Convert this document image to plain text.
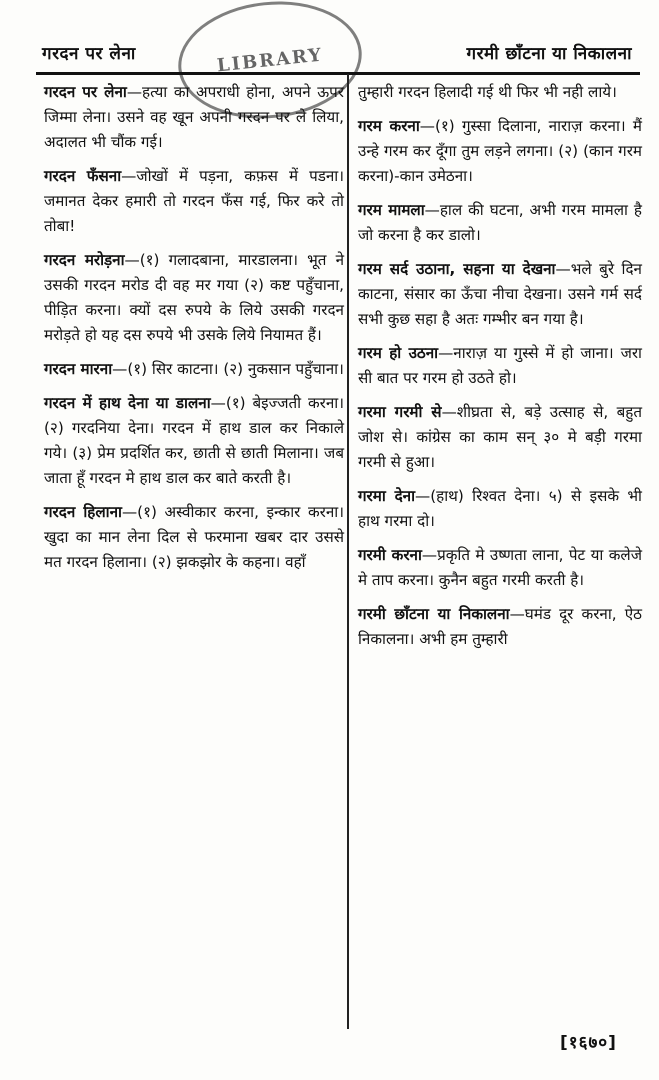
LIBRARY
गरदन पर लेना	गरमी छाँटना या निकालना

गरदन पर लेना—हत्या का अपराधी होना, अपने ऊपर जिम्मा लेना। उसने वह खून अपनी गरदन पर ले लिया, अदालत भी चौंक गई।

गरदन फँसना—जोखों में पड़ना, कफ़स में पडना। जमानत देकर हमारी तो गरदन फँस गई, फिर करे तो तोबा!

गरदन मरोड़ना—(१) गलादबाना, मारडालना। भूत ने उसकी गरदन मरोड दी वह मर गया (२) कष्ट पहुँचाना, पीड़ित करना। क्यों दस रुपये के लिये उसकी गरदन मरोड़ते हो यह दस रुपये भी उसके लिये नियामत हैं।

गरदन मारना—(१) सिर काटना। (२) नुकसान पहुँचाना।

गरदन में हाथ देना या डालना—(१) बेइज्जती करना। (२) गरदनिया देना। गरदन में हाथ डाल कर निकाले गये। (३) प्रेम प्रदर्शित कर, छाती से छाती मिलाना। जब जाता हूँ गरदन मे हाथ डाल कर बाते करती है।

गरदन हिलाना—(१) अस्वीकार करना, इन्कार करना। खुदा का मान लेना दिल से फरमाना खबर दार उससे मत गरदन हिलाना। (२) झकझोर के कहना। वहाँ

तुम्हारी गरदन हिलादी गई थी फिर भी नही लाये।

गरम करना—(१) गुस्सा दिलाना, नाराज़ करना। मैं उन्हे गरम कर दूँगा तुम लड़ने लगना। (२) (कान गरम करना)-कान उमेठना।

गरम मामला—हाल की घटना, अभी गरम मामला है जो करना है कर डालो।

गरम सर्द उठाना, सहना या देखना—भले बुरे दिन काटना, संसार का ऊँचा नीचा देखना। उसने गर्म सर्द सभी कुछ सहा है अतः गम्भीर बन गया है।

गरम हो उठना—नाराज़ या गुस्से में हो जाना। जरा सी बात पर गरम हो उठते हो।

गरमा गरमी से—शीघ्रता से, बड़े उत्साह से, बहुत जोश से। कांग्रेस का काम सन् ३० मे बड़ी गरमा गरमी से हुआ।

गरमा देना—(हाथ) रिश्वत देना। ५) से इसके भी हाथ गरमा दो।

गरमी करना—प्रकृति मे उष्णता लाना, पेट या कलेजे मे ताप करना। कुनैन बहुत गरमी करती है।

गरमी छाँटना या निकालना—घमंड दूर करना, ऐठ निकालना। अभी हम तुम्हारी

[१६७०]
